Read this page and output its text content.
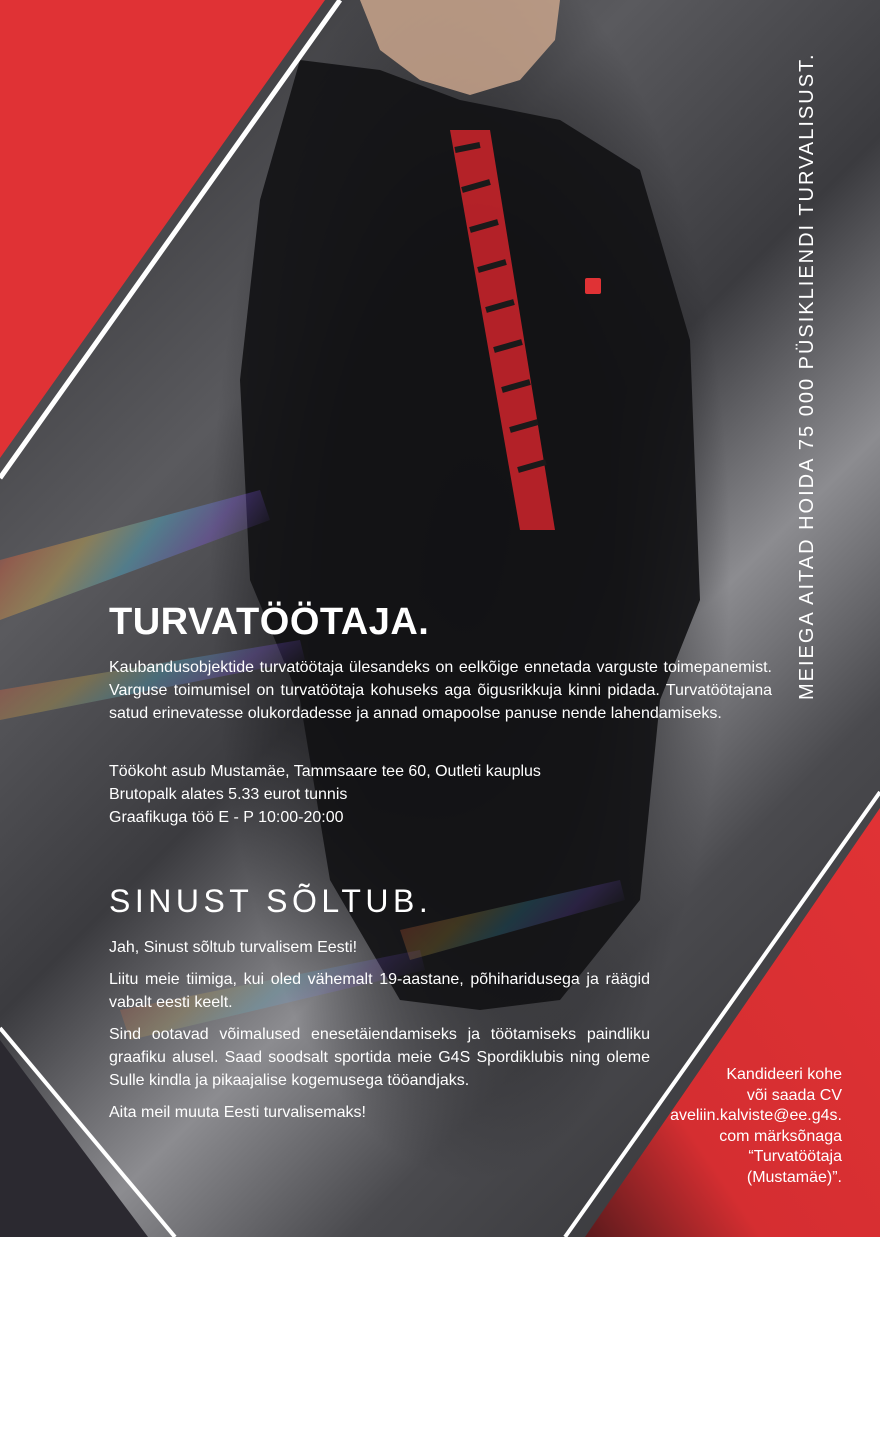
TURVATÖÖTAJA.

Kaubandusobjektide turvatöötaja ülesandeks on eelkõige ennetada varguste toimepanemist. Varguse toimumisel on turvatöötaja kohuseks aga õigusrikkuja kinni pidada. Turvatöötajana satud erinevatesse olukordadesse ja annad omapoolse panuse nende lahendamiseks.

Töökoht asub Mustamäe, Tammsaare tee 60, Outleti kauplus
Brutopalk alates 5.33 eurot tunnis
Graafikuga töö E - P 10:00-20:00
SINUST SÕLTUB.

Jah, Sinust sõltub turvalisem Eesti!

Liitu meie tiimiga, kui oled vähemalt 19-aastane, põhiharidusega ja räägid vabalt eesti keelt.

Sind ootavad võimalused enesetäiendamiseks ja töötamiseks paindliku graafiku alusel. Saad soodsalt sportida meie G4S Spordiklubis ning oleme Sulle kindla ja pikaajalise kogemusega tööandjaks.

Aita meil muuta Eesti turvalisemaks!

Kandideeri kohe
või saada CV
aveliin.kalviste@ee.g4s.
com märksõnaga
“Turvatöötaja
(Mustamäe)”.
MEIEGA AITAD HOIDA 75 000 PÜSIKLIENDI TURVALISUST.
